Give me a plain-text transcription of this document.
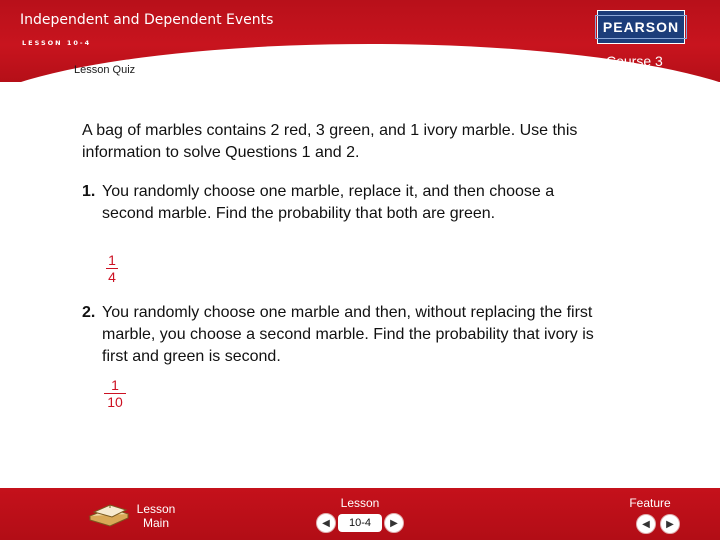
Independent and Dependent Events
LESSON 10-4
PEARSON
Course 3
Lesson Quiz
A bag of marbles contains 2 red, 3 green, and 1 ivory marble. Use this information to solve Questions 1 and 2.
1. You randomly choose one marble, replace it, and then choose a second marble. Find the probability that both are green.
1
4
2. You randomly choose one marble and then, without replacing the first marble, you choose a second marble. Find the probability that ivory is first and green is second.
1
10
Lesson
Main
Lesson
◀	10-4	▶
Feature
◀ ▶
